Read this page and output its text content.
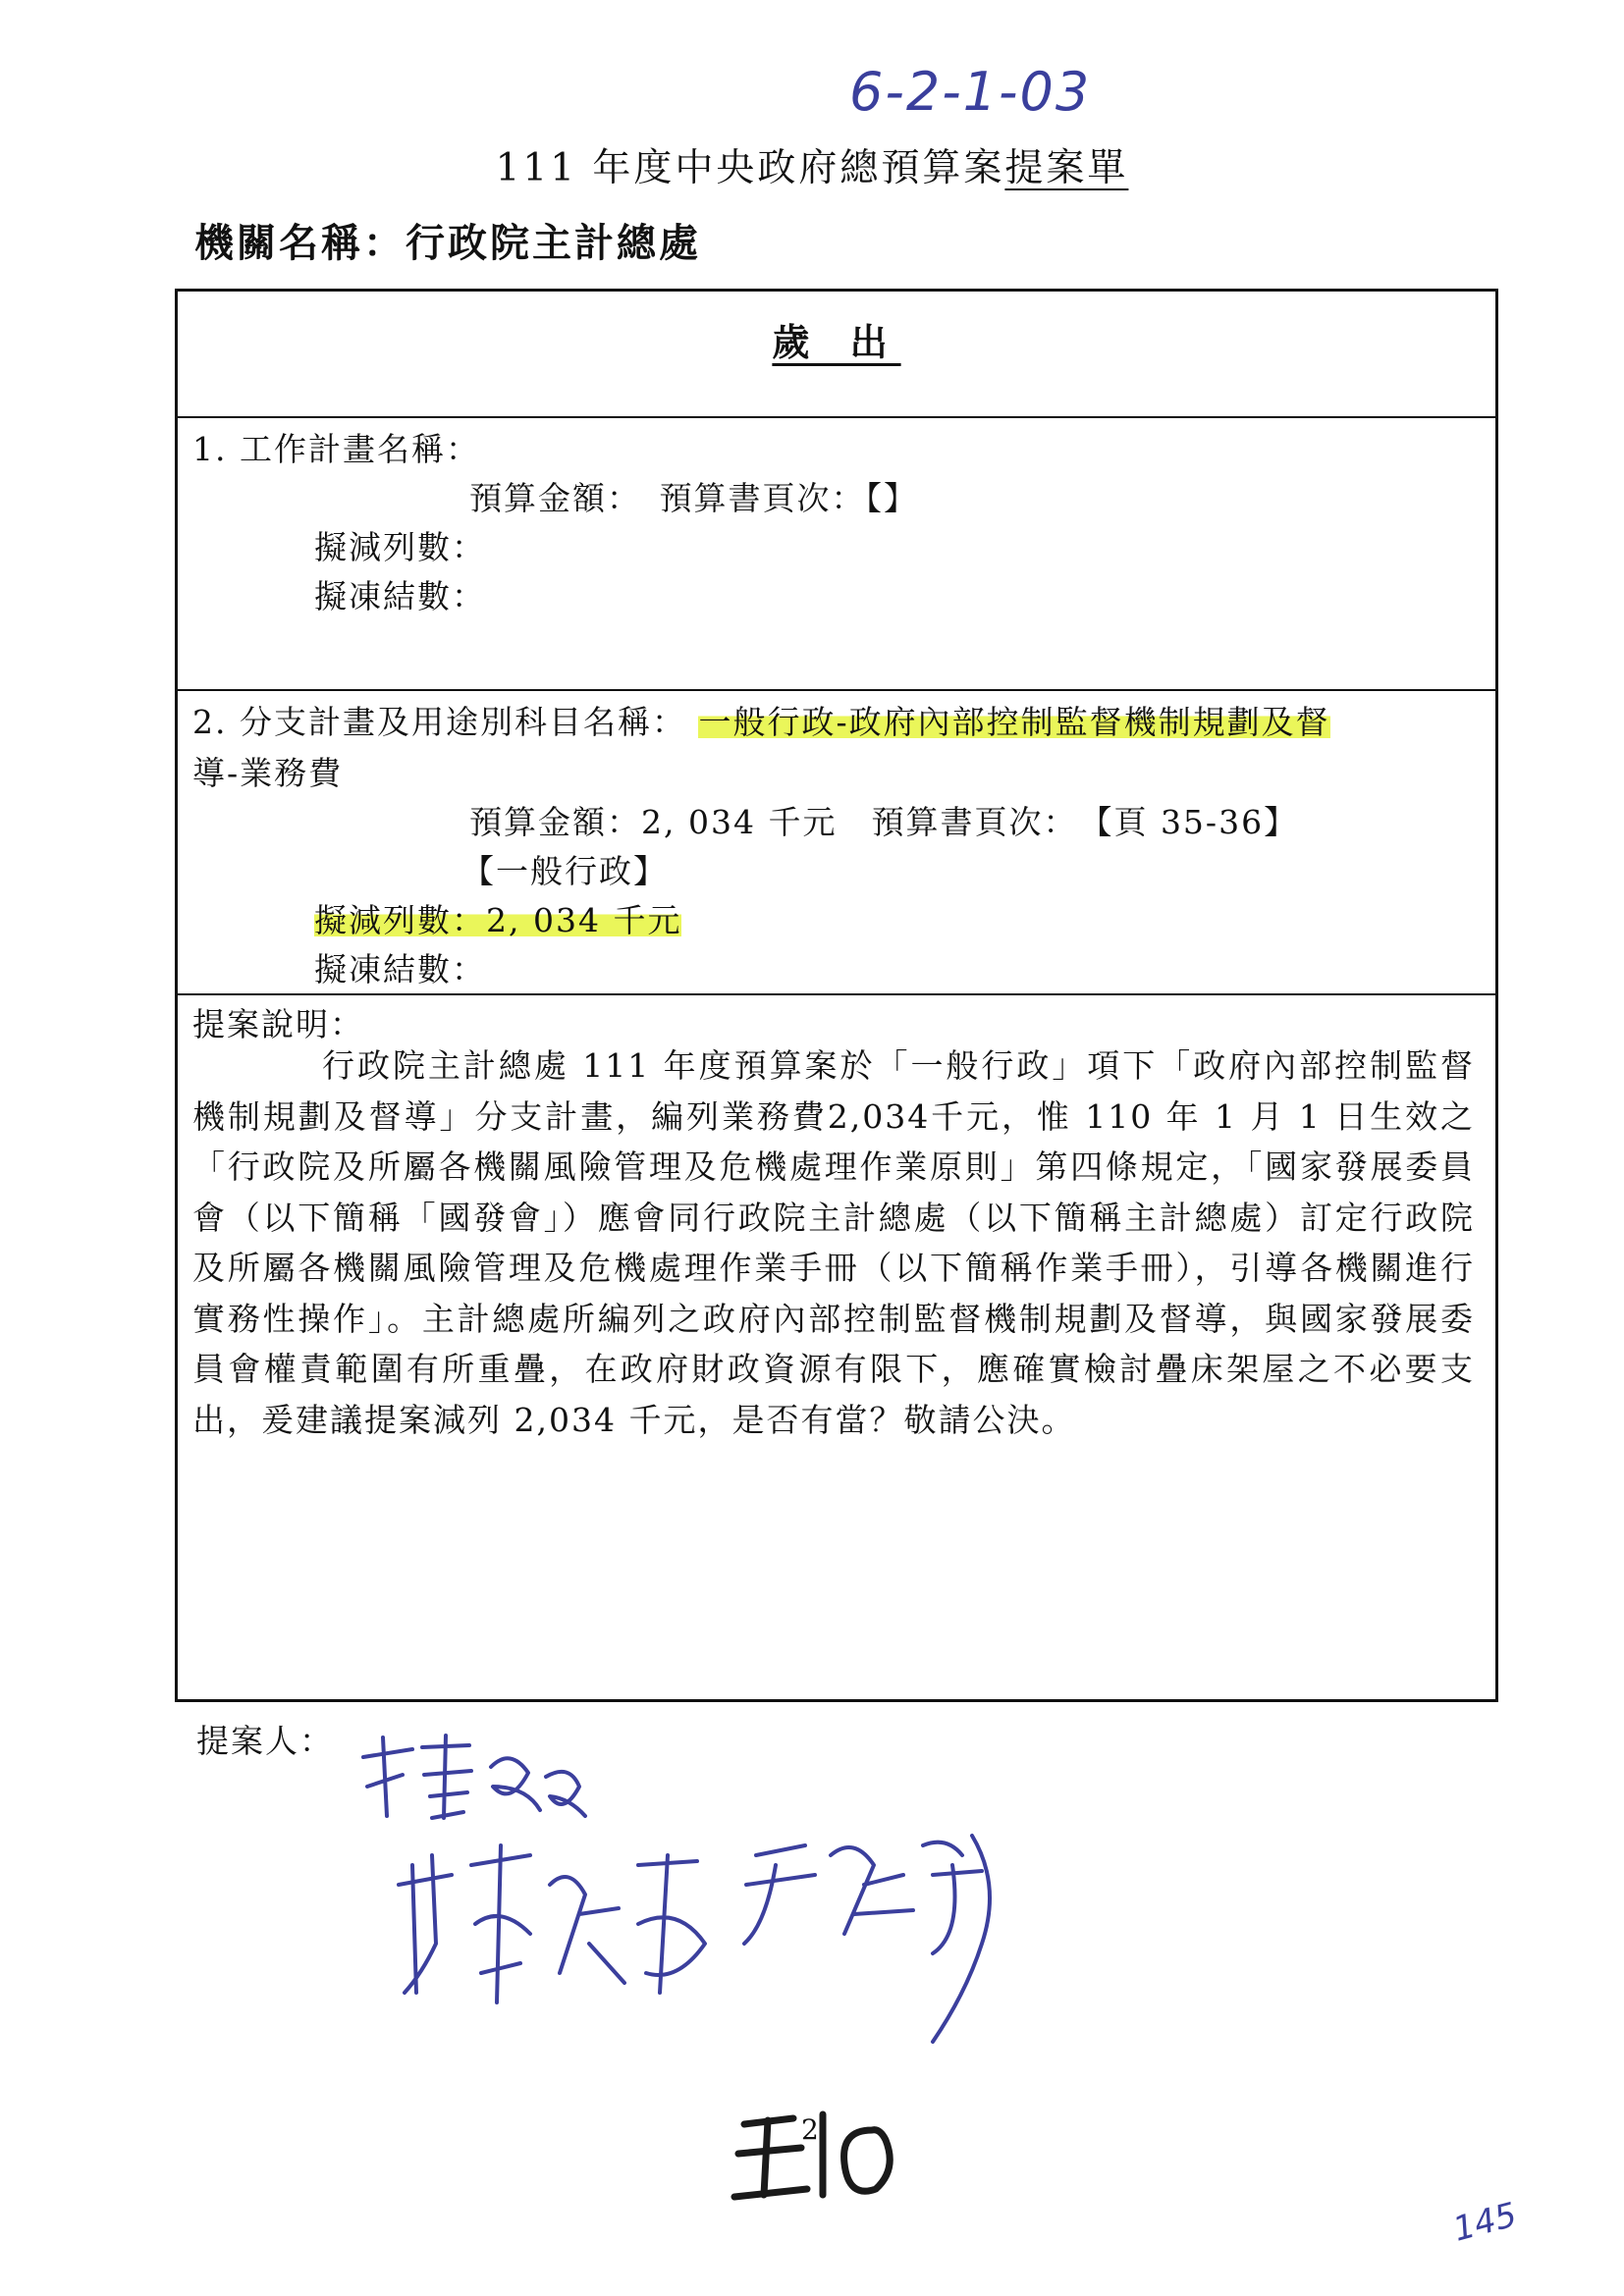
6-2-1-03
111 年度中央政府總預算案提案單
機關名稱：行政院主計總處
歲 出
1. 工作計畫名稱：
預算金額：　預算書頁次：【】
擬減列數：
擬凍結數：
2. 分支計畫及用途別科目名稱： 一般行政-政府內部控制監督機制規劃及督
導-業務費
預算金額：2, 034 千元　預算書頁次：　【頁 35-36】
【一般行政】
擬減列數：2, 034 千元
擬凍結數：
提案說明：
行政院主計總處 111 年度預算案於「一般行政」項下「政府內部控制監督機制規劃及督導」分支計畫，編列業務費2,034千元，惟 110 年 1 月 1 日生效之「行政院及所屬各機關風險管理及危機處理作業原則」第四條規定，「國家發展委員會（以下簡稱「國發會」）應會同行政院主計總處（以下簡稱主計總處）訂定行政院及所屬各機關風險管理及危機處理作業手冊（以下簡稱作業手冊），引導各機關進行實務性操作」。主計總處所編列之政府內部控制監督機制規劃及督導，與國家發展委員會權責範圍有所重疊，在政府財政資源有限下，應確實檢討疊床架屋之不必要支出，爰建議提案減列 2,034 千元，是否有當？敬請公決。
提案人：
2
145
